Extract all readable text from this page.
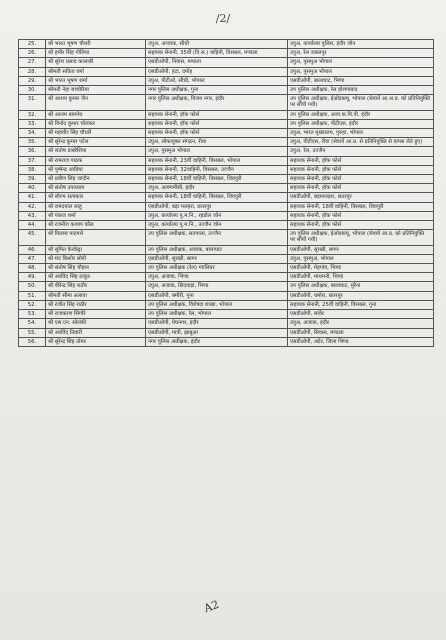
/2/
25.	श्री भारत भूषण चौधरी	उपुअ, आजाक, सीधी	उपुअ, कार्यालय पुलिस, इंदौर जोन
26.	श्री हमीर सिंह गोलिया	सहायक सेनानी, 35वीं (वि.स.) वाहिनी, विसबल, मण्डला	उपुअ, रेल जबलपुर
27.	श्री सुरेश प्रसाद कालाबी	एसडीओपी, निवास, मण्डला	उपुअ, पुसमुअ भोपाल
28.	श्रीमती सविता वर्मा	एसडीओपी, हटा, दमोह	उपुअ, पुसमुअ भोपाल
29.	श्री भारत भूषण शर्मा	उपुअ, पीटीओ, सीधी, भोपाल	एसडीओपी, बालाघाट, भिण्ड
30.	श्रीमती नेहा बच्चोरिया	नगर पुलिस अधीक्षक, गुना	उप पुलिस अधीक्षक, रेल होशंगाबाद
31.	श्री आशय कुमार जैन	नगर पुलिस अधीक्षक, विजय नगर, इंदौर	उप पुलिस अधीक्षक, ईओडब्ल्यू, भोपाल (सेवायें आ.अ.प्र. को प्रतिनियुक्ति पर सौंपी गयी)
32.	श्री आलम बामनेथ	सहायक सेनानी, हॉक फोर्स	उप पुलिस अधीक्षक, अजा.क.वि.पी. इंदौर
33.	श्री विनोद कुमार चोलंकर	सहायक सेनानी, हॉक फोर्स	उप पुलिस अधीक्षक, पीटीएस, इंदौर
34.	श्री महावीर सिंह चौधरी	सहायक सेनानी, हॉक फोर्स	उपुअ, भारत मुख्यालय, गुरुहा, भोपाल
35.	श्री सुरेन्द्र कुमार पटेल	उपुअ, लोकायुक्त संगठन, रीवा	उपुअ, पीटीएस, रीवा (सेवायें आ.प्र. से प्रतिनियुक्ति से वापस लेते हुए)
36.	श्री संतोष डाबरैशिया	उपुअ, पुसमुअ भोपाल	उपुअ, रेल, उज्जैन
37.	श्री रामराज पाठक	सहायक सेनानी, 23वीं वाहिनी, विसबल, भोपाल	सहायक सेनानी, हॉक फोर्स
38.	श्री पुष्पेन्द्र आडिया	सहायक सेनानी, 32वाहिनी, विसबल, उज्जैन	सहायक सेनानी, हॉक फोर्स
39.	श्री प्रवीण सिंह जादौन	सहायक सेनानी, 18वीं वाहिनी, विसबल, शिवपुरी	सहायक सेनानी, हॉक फोर्स
40.	श्री संतोष उपाध्याय	उपुअ, आवगमीसी, इंदौर	सहायक सेनानी, हॉक फोर्स
41.	श्री सौरभ सत्यकार	सहायक सेनानी, 18वीं वाहिनी, विसबल, शिवपुरी	एसडीओपी, बड़ामलहरा, छतरपुर
42.	श्री रामदयाल साहू	एसडीओपी, बड़ा मलहरा, छतरपुर	सहायक सेनानी, 18वीं वाहिनी, विसबल, शिवपुरी
43.	श्री पंकज शर्मा	उपुअ, कार्यालय पु.म.नि., रहडोल जोन	सहायक सेनानी, हॉक फोर्स
44.	श्री रजनीश कश्यप कौल	उपुअ, कार्यालय पु.म.नि., उज्जैन जोन	सहायक सेनानी, हॉक फोर्स
45.	श्री विलास पाटमारे	उप पुलिस अधीक्षक, सतपाला, उज्जैन	उप पुलिस अधीक्षक, ईओडब्ल्यू, भोपाल (सेवायें आ.प्र. को प्रतिनियुक्ति पर सौंपी गयी)
46.	श्री सुमित केरकेट्टा	उप पुलिस अधीक्षक, अजाक, बालाघाट	एसडीओपी, सुरखी, सागर
47.	श्री मंद किशोर सोनी	एसडीओपी, सुरखी, सागर	उपुअ, पुसमुअ, भोपाल
48.	श्री संतोष सिंह चौहान	उप पुलिस अधीक्षक (रेल) ग्वालियर	एसडीओपी, मेहगांव, भिण्ड
49.	श्री अरविंद सिंह ठाकुर	उपुअ, अजाक, भिण्ड	एसडीओपी, माथमनी, भिण्ड
50.	श्री वीरेन्द्र सिंह राठौर	उपुअ, अजाक, छिंदवाड़ा, भिण्ड	उप पुलिस अधीक्षक, बालाघाट, मुरैना
51.	श्रीमती सीमा अलावा	एसडीओपी, बमौरी, गुना	एसडीओपी, धमोरा, छतरपुर
52.	श्री रंजीत सिंह राठौर	उप पुलिस अधीक्षक, विशेषज्ञ शाखा, भोपाल	सहायक सेनानी, 25वीं वाहिनी, विसबल, गुना
53.	श्री राजकरण सिंगोरे	उप पुलिस अधीक्षक, रेल, भोपाल	एसडीओपी, सांवेर
54.	श्री एस.एन. सोलंकी	एसडीओपी, मेघनगर, इंदौर	उपुअ, अजाक, इंदौर
55.	श्री अरविंद तिवारी	एसडीओपी, मात्री, झाबुआ	एसडीओपी, सिवास, मण्डला
56.	श्री सुरेन्द्र सिंह तोमर	नगर पुलिस अधीक्षक, इंदौर	एसडीओपी, अटेर, जिला भिण्ड
A2
